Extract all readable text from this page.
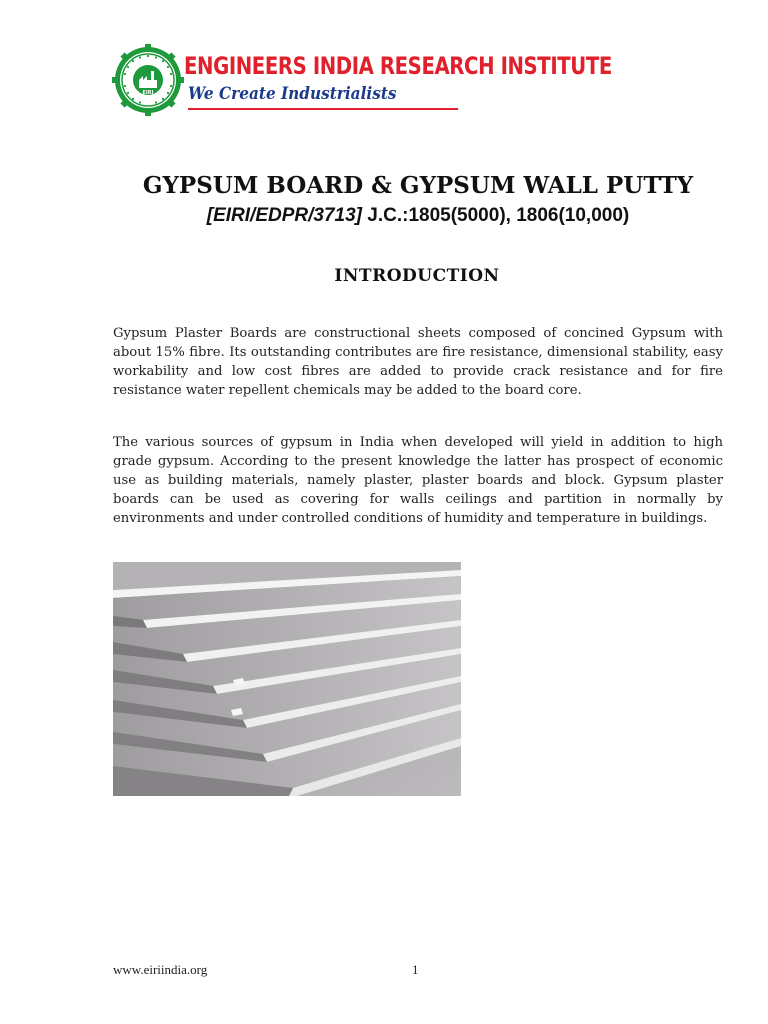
EIRI
ENGINEERS INDIA RESEARCH INSTITUTE
We Create Industrialists
GYPSUM BOARD & GYPSUM WALL PUTTY
[EIRI/EDPR/3713] J.C.:1805(5000), 1806(10,000)
INTRODUCTION

Gypsum Plaster Boards are constructional sheets composed of concined Gypsum with about 15% fibre. Its outstanding contributes are fire resistance, dimensional stability, easy workability and low cost fibres are added to provide crack resistance and for fire resistance water repellent chemicals may be added to the board core.

The various sources of gypsum in India when developed will yield in addition to high grade gypsum. According to the present knowledge the latter has prospect of economic use as building materials, namely plaster, plaster boards and block. Gypsum plaster boards can be used as covering for walls ceilings and partition in normally by environments and under controlled conditions of humidity and temperature in buildings.

www.eiriindia.org	1
